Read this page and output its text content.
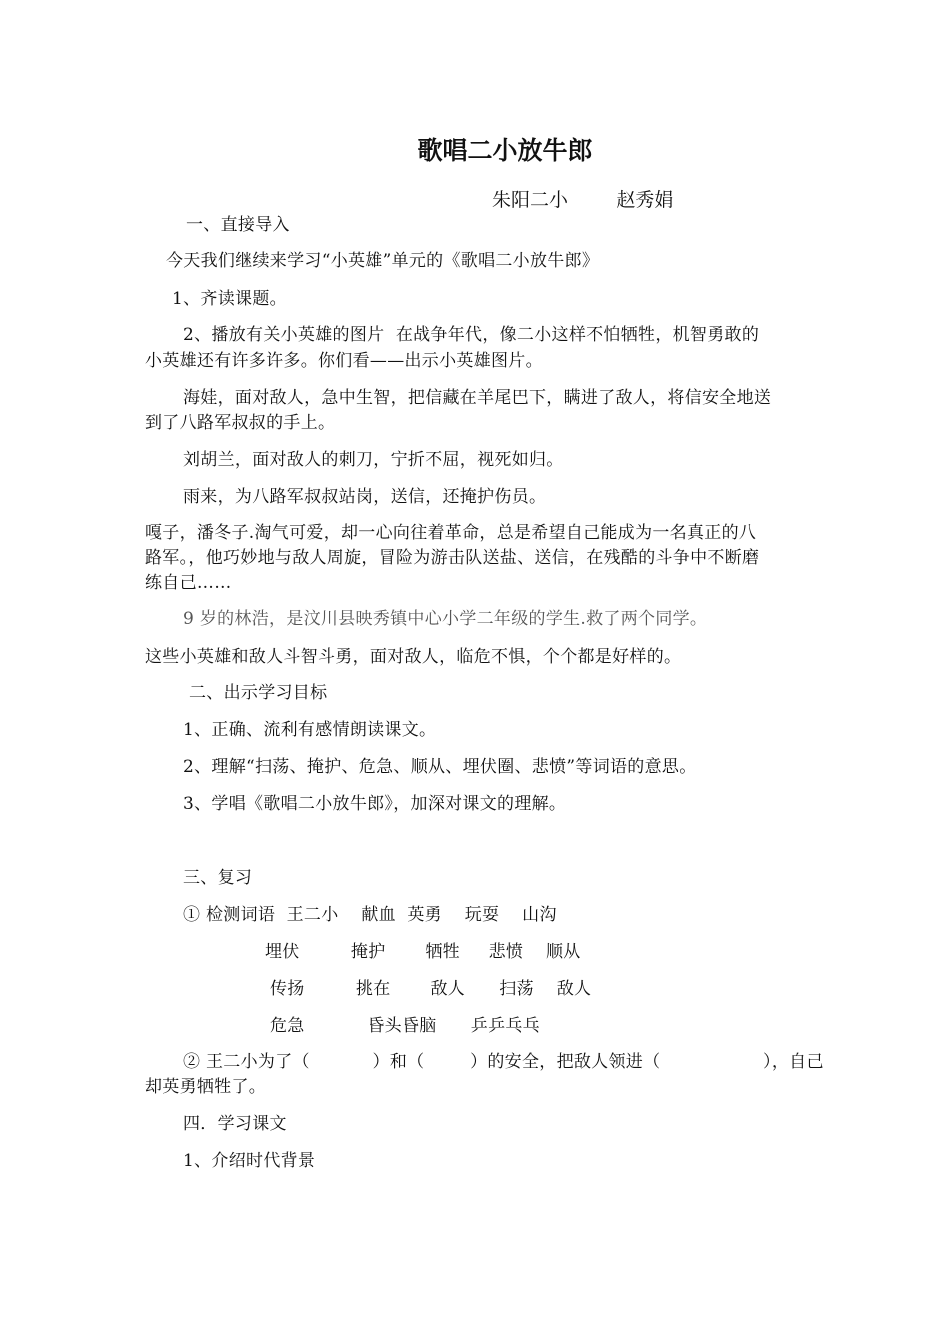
歌唱二小放牛郎

朱阳二小        赵秀娟

一、直接导入

今天我们继续来学习“小英雄”单元的《歌唱二小放牛郎》

1、齐读课题。

2、播放有关小英雄的图片  在战争年代，像二小这样不怕牺牲，机智勇敢的

小英雄还有许多许多。你们看——出示小英雄图片。

海娃，面对敌人，急中生智，把信藏在羊尾巴下，瞒进了敌人，将信安全地送

到了八路军叔叔的手上。

刘胡兰，面对敌人的刺刀，宁折不屈，视死如归。

雨来，为八路军叔叔站岗，送信，还掩护伤员。

嘎子，潘冬子.淘气可爱，却一心向往着革命，总是希望自己能成为一名真正的八

路军。，他巧妙地与敌人周旋，冒险为游击队送盐、送信，在残酷的斗争中不断磨

练自己……

9 岁的林浩，是汶川县映秀镇中心小学二年级的学生.救了两个同学。

这些小英雄和敌人斗智斗勇，面对敌人，临危不惧，个个都是好样的。

二、出示学习目标

1、正确、流利有感情朗读课文。

2、理解“扫荡、掩护、危急、顺从、埋伏圈、悲愤”等词语的意思。

3、学唱《歌唱二小放牛郎》，加深对课文的理解。

三、复习

① 检测词语  王二小    献血  英勇    玩耍    山沟

埋伏         掩护       牺牲     悲愤    顺从

传扬         挑在       敌人      扫荡    敌人

危急           昏头昏脑      乒乒乓乓

② 王二小为了（           ）和（        ）的安全，把敌人领进（                  ），自己

却英勇牺牲了。

四．学习课文

1、介绍时代背景
